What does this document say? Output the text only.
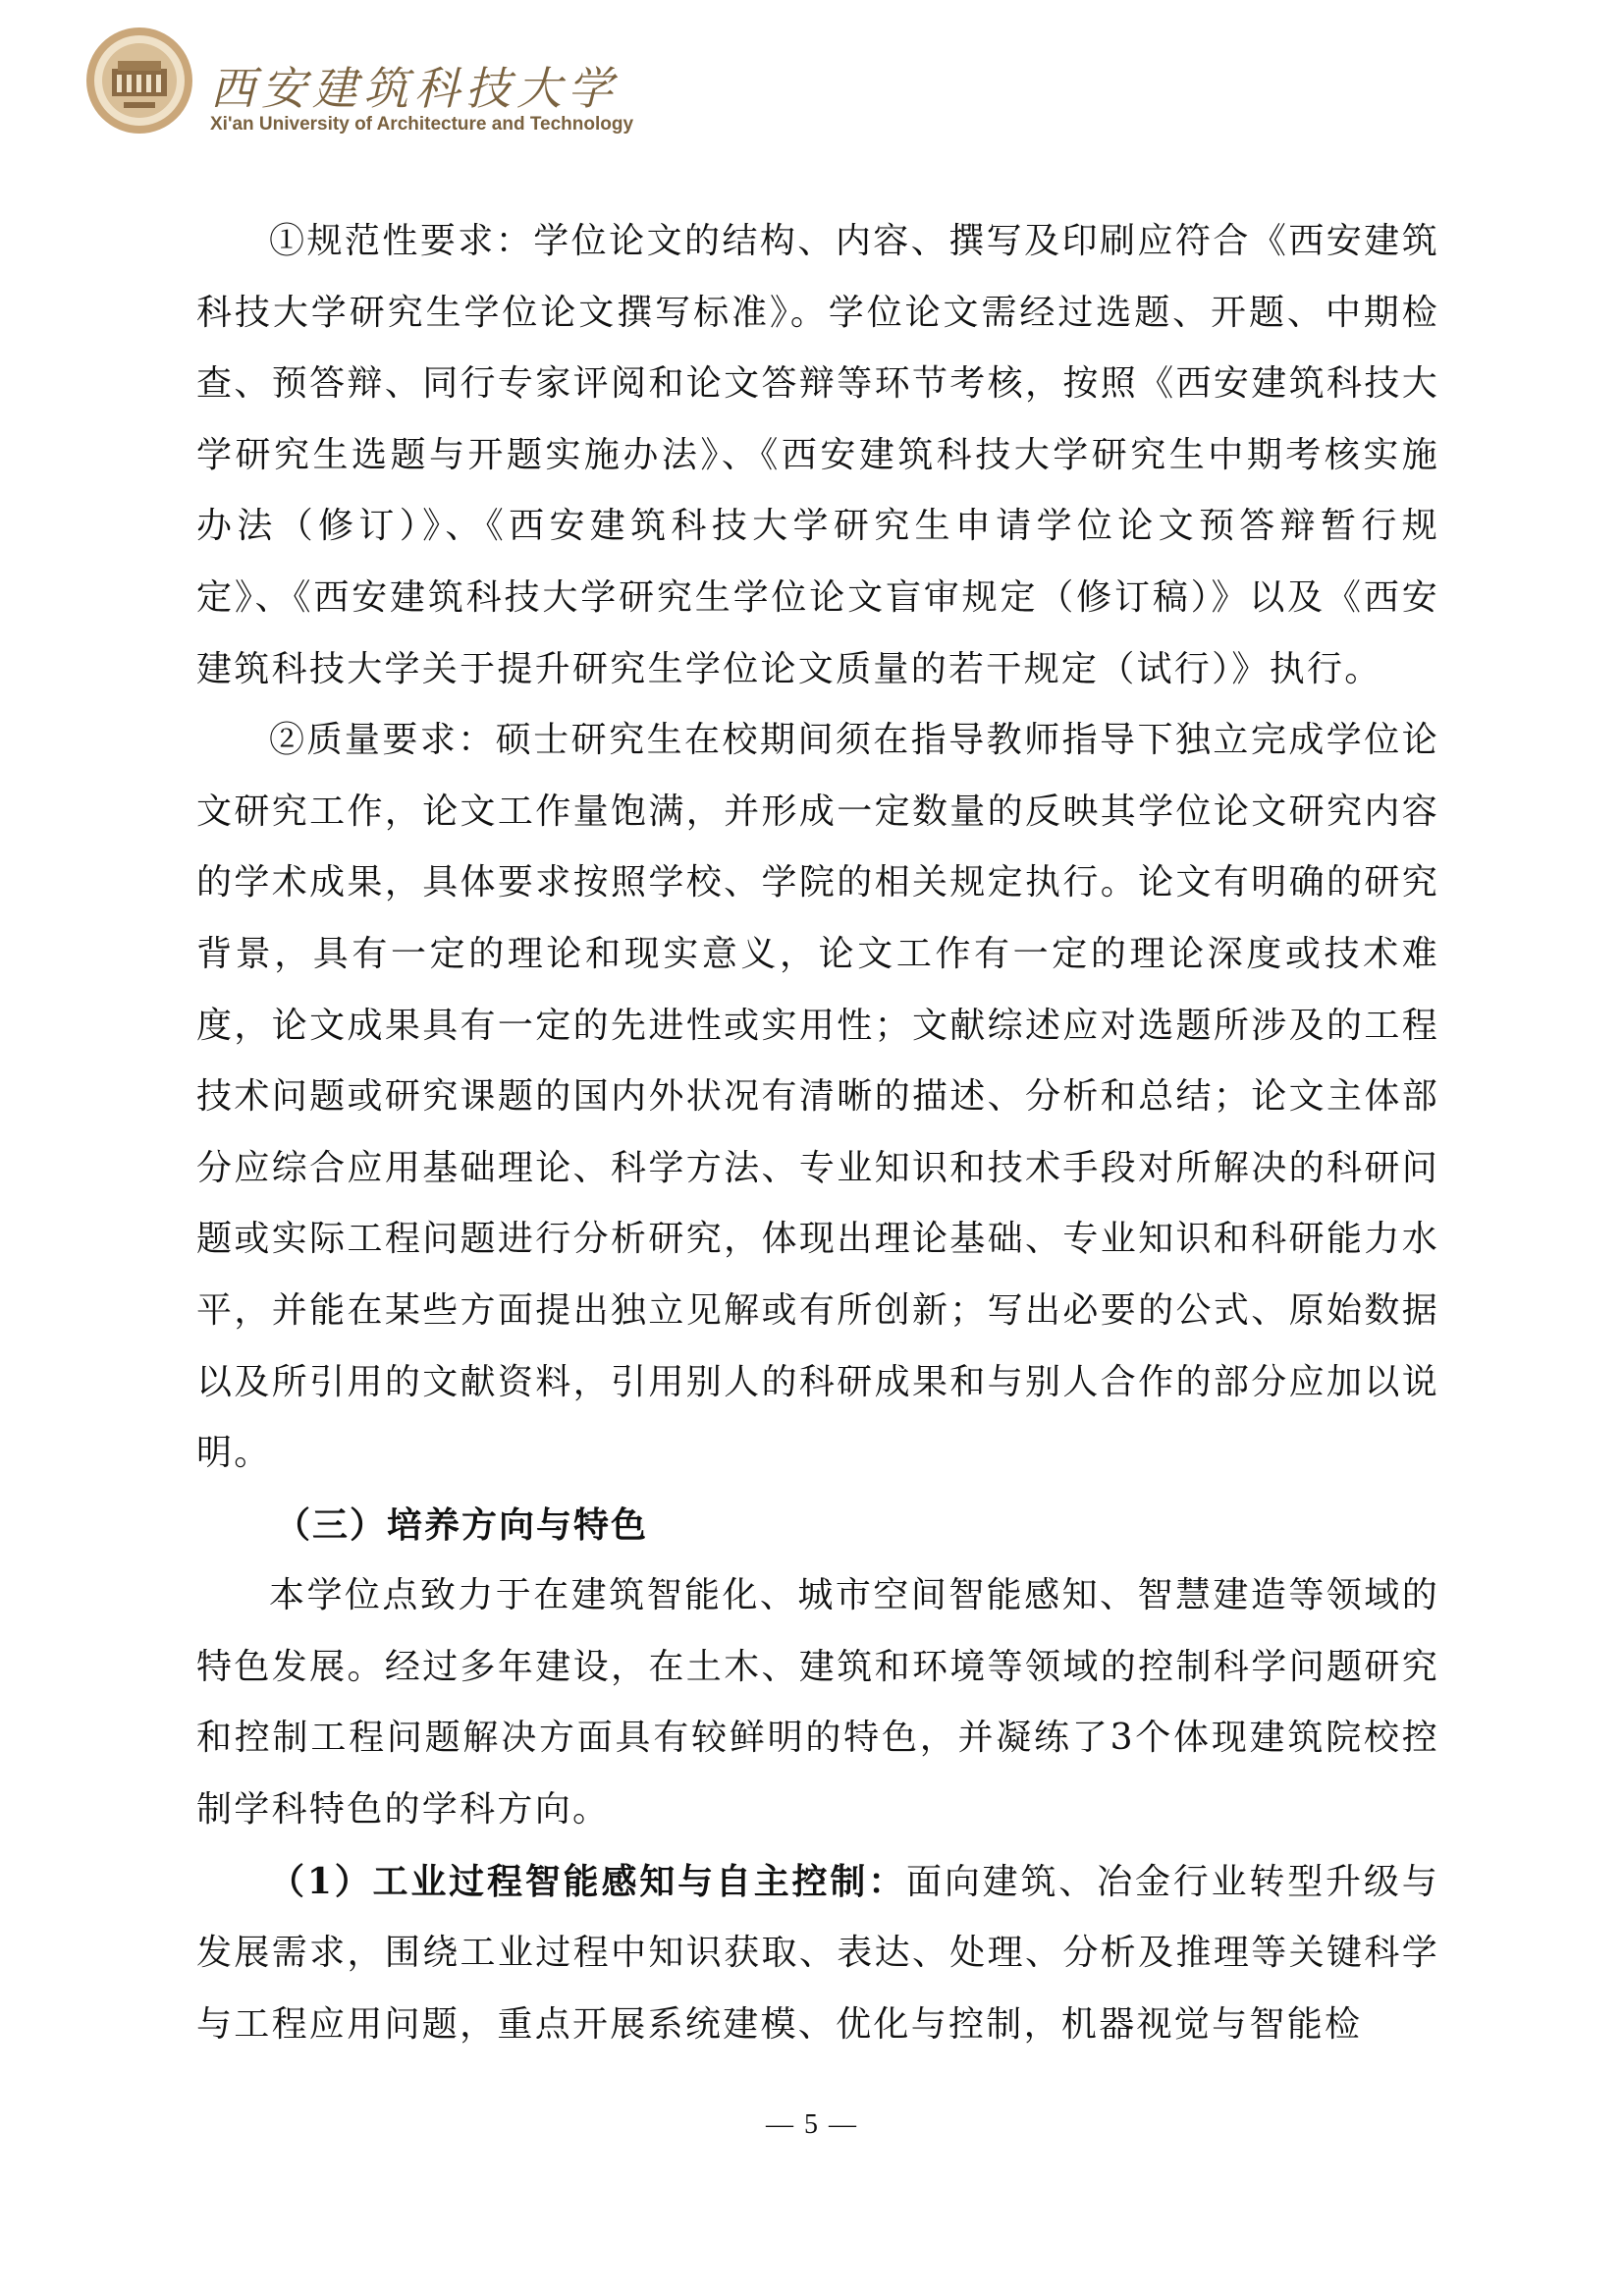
西安建筑科技大学
Xi'an University of Architecture and Technology

①规范性要求：学位论文的结构、内容、撰写及印刷应符合《西安建筑科技大学研究生学位论文撰写标准》。学位论文需经过选题、开题、中期检查、预答辩、同行专家评阅和论文答辩等环节考核，按照《西安建筑科技大学研究生选题与开题实施办法》、《西安建筑科技大学研究生中期考核实施办法（修订）》、《西安建筑科技大学研究生申请学位论文预答辩暂行规定》、《西安建筑科技大学研究生学位论文盲审规定（修订稿）》以及《西安建筑科技大学关于提升研究生学位论文质量的若干规定（试行）》执行。

②质量要求：硕士研究生在校期间须在指导教师指导下独立完成学位论文研究工作，论文工作量饱满，并形成一定数量的反映其学位论文研究内容的学术成果，具体要求按照学校、学院的相关规定执行。论文有明确的研究背景，具有一定的理论和现实意义，论文工作有一定的理论深度或技术难度，论文成果具有一定的先进性或实用性；文献综述应对选题所涉及的工程技术问题或研究课题的国内外状况有清晰的描述、分析和总结；论文主体部分应综合应用基础理论、科学方法、专业知识和技术手段对所解决的科研问题或实际工程问题进行分析研究，体现出理论基础、专业知识和科研能力水平，并能在某些方面提出独立见解或有所创新；写出必要的公式、原始数据以及所引用的文献资料，引用别人的科研成果和与别人合作的部分应加以说明。

（三）培养方向与特色

本学位点致力于在建筑智能化、城市空间智能感知、智慧建造等领域的特色发展。经过多年建设，在土木、建筑和环境等领域的控制科学问题研究和控制工程问题解决方面具有较鲜明的特色，并凝练了3个体现建筑院校控制学科特色的学科方向。

（1）工业过程智能感知与自主控制：面向建筑、冶金行业转型升级与发展需求，围绕工业过程中知识获取、表达、处理、分析及推理等关键科学与工程应用问题，重点开展系统建模、优化与控制，机器视觉与智能检

— 5 —
